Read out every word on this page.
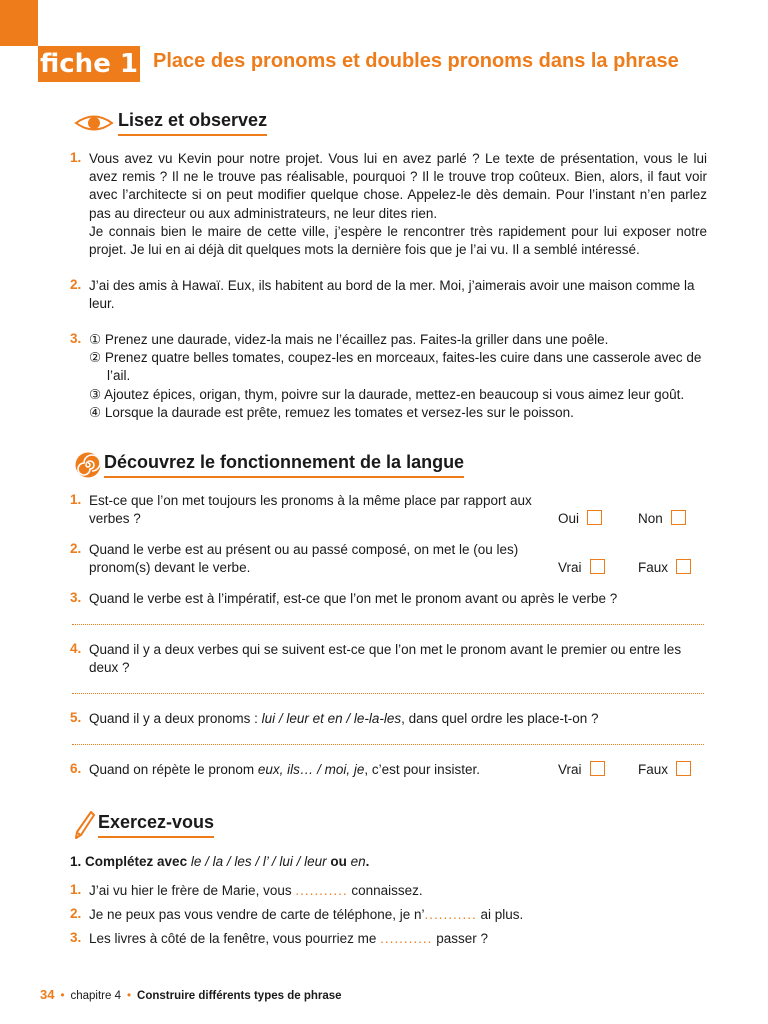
fiche 1 Place des pronoms et doubles pronoms dans la phrase
Lisez et observez
1. Vous avez vu Kevin pour notre projet. Vous lui en avez parlé ? Le texte de présentation, vous le lui avez remis ? Il ne le trouve pas réalisable, pourquoi ? Il le trouve trop coûteux. Bien, alors, il faut voir avec l’architecte si on peut modifier quelque chose. Appelez-le dès demain. Pour l’instant n’en parlez pas au directeur ou aux administrateurs, ne leur dites rien.
Je connais bien le maire de cette ville, j’espère le rencontrer très rapidement pour lui exposer notre projet. Je lui en ai déjà dit quelques mots la dernière fois que je l’ai vu. Il a semblé intéressé.
2. J’ai des amis à Hawaï. Eux, ils habitent au bord de la mer. Moi, j’aimerais avoir une maison comme la leur.
3. ① Prenez une daurade, videz-la mais ne l’écaillez pas. Faites-la griller dans une poêle.
② Prenez quatre belles tomates, coupez-les en morceaux, faites-les cuire dans une casserole avec de l’ail.
③ Ajoutez épices, origan, thym, poivre sur la daurade, mettez-en beaucoup si vous aimez leur goût.
④ Lorsque la daurade est prête, remuez les tomates et versez-les sur le poisson.
Découvrez le fonctionnement de la langue
1. Est-ce que l’on met toujours les pronoms à la même place par rapport aux verbes ?	Oui	Non
2. Quand le verbe est au présent ou au passé composé, on met le (ou les) pronom(s) devant le verbe.	Vrai	Faux
3. Quand le verbe est à l’impératif, est-ce que l’on met le pronom avant ou après le verbe ?
4. Quand il y a deux verbes qui se suivent est-ce que l’on met le pronom avant le premier ou entre les deux ?
5. Quand il y a deux pronoms : lui / leur et en / le-la-les, dans quel ordre les place-t-on ?
6. Quand on répète le pronom eux, ils… / moi, je, c’est pour insister.	Vrai	Faux
Exercez-vous
1. Complétez avec le / la / les / l’ / lui / leur ou en.
1. J’ai vu hier le frère de Marie, vous ........... connaissez.
2. Je ne peux pas vous vendre de carte de téléphone, je n’........... ai plus.
3. Les livres à côté de la fenêtre, vous pourriez me ........... passer ?
34 • chapitre 4 • Construire différents types de phrase
